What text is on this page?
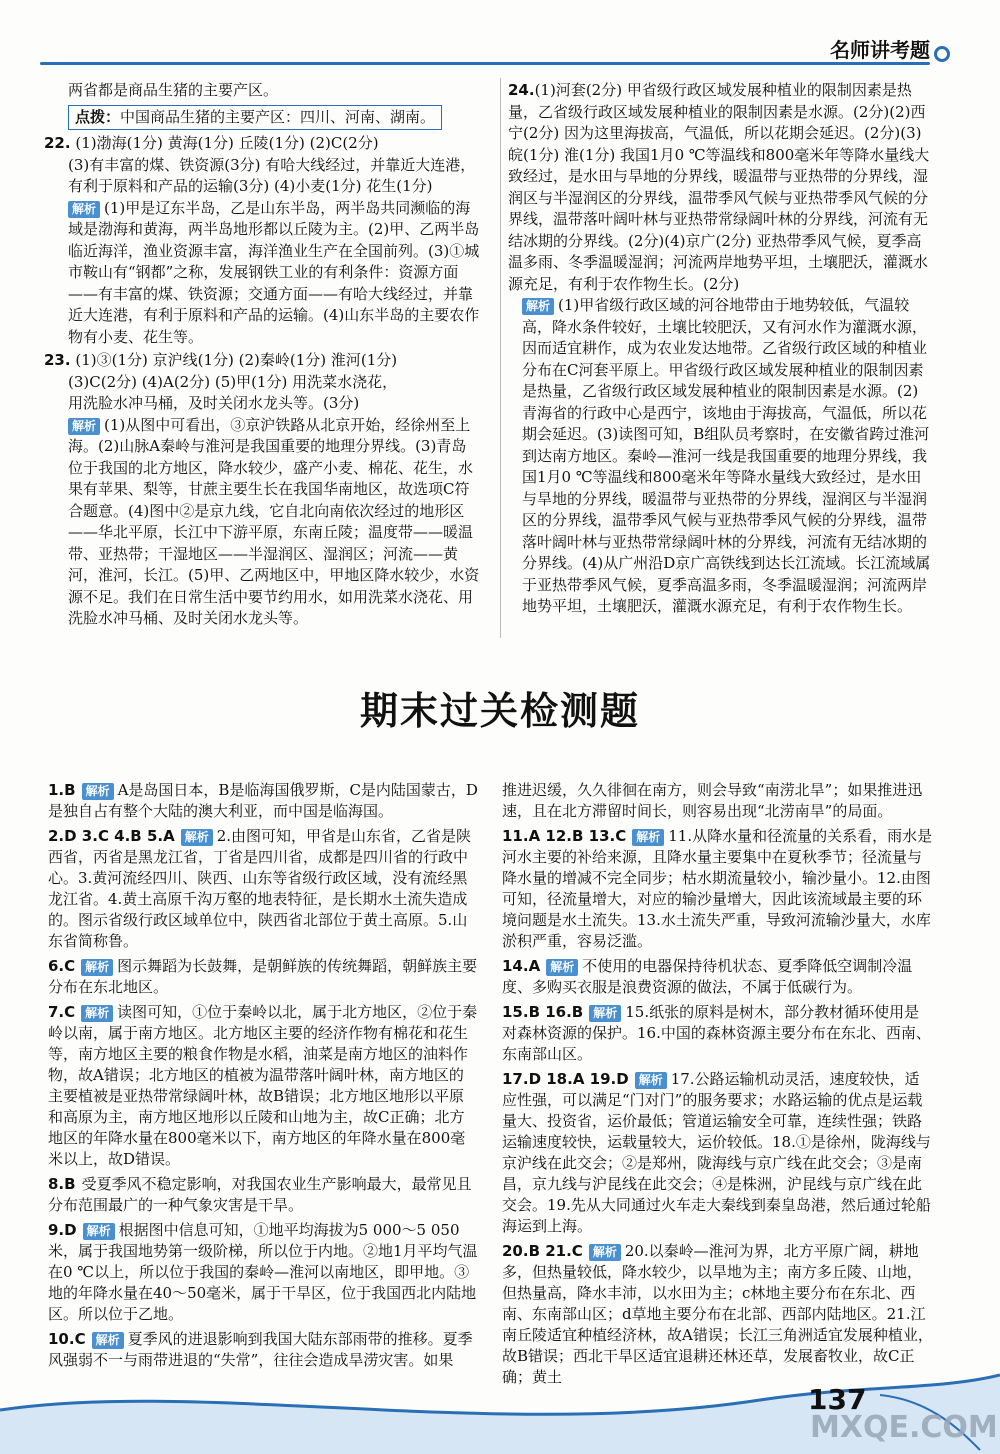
名师讲考题

两省都是商品生猪的主要产区。

点拨：中国商品生猪的主要产区：四川、河南、湖南。
22. (1)渤海(1分) 黄海(1分) 丘陵(1分) (2)C(2分)

(3)有丰富的煤、铁资源(3分) 有哈大线经过，并靠近大连港，

有利于原料和产品的运输(3分) (4)小麦(1分) 花生(1分)

解析 (1)甲是辽东半岛，乙是山东半岛，两半岛共同濒临的海域是渤海和黄海，两半岛地形都以丘陵为主。(2)甲、乙两半岛临近海洋，渔业资源丰富，海洋渔业生产在全国前列。(3)①城市鞍山有“钢都”之称，发展钢铁工业的有利条件：资源方面——有丰富的煤、铁资源；交通方面——有哈大线经过，并靠近大连港，有利于原料和产品的运输。(4)山东半岛的主要农作物有小麦、花生等。

23. (1)③(1分) 京沪线(1分) (2)秦岭(1分) 淮河(1分)

(3)C(2分) (4)A(2分) (5)甲(1分) 用洗菜水浇花，

用洗脸水冲马桶，及时关闭水龙头等。(3分)

解析 (1)从图中可看出，③京沪铁路从北京开始，经徐州至上海。(2)山脉A秦岭与淮河是我国重要的地理分界线。(3)青岛位于我国的北方地区，降水较少，盛产小麦、棉花、花生，水果有苹果、梨等，甘蔗主要生长在我国华南地区，故选项C符合题意。(4)图中②是京九线，它自北向南依次经过的地形区——华北平原，长江中下游平原，东南丘陵；温度带——暖温带、亚热带；干湿地区——半湿润区、湿润区；河流——黄河，淮河，长江。(5)甲、乙两地区中，甲地区降水较少，水资源不足。我们在日常生活中要节约用水，如用洗菜水浇花、用洗脸水冲马桶、及时关闭水龙头等。

24.(1)河套(2分) 甲省级行政区域发展种植业的限制因素是热量，乙省级行政区域发展种植业的限制因素是水源。(2分)(2)西宁(2分) 因为这里海拔高，气温低，所以花期会延迟。(2分)(3)皖(1分) 淮(1分) 我国1月0 ℃等温线和800毫米年等降水量线大致经过，是水田与旱地的分界线，暖温带与亚热带的分界线，湿润区与半湿润区的分界线，温带季风气候与亚热带季风气候的分界线，温带落叶阔叶林与亚热带常绿阔叶林的分界线，河流有无结冰期的分界线。(2分)(4)京广(2分) 亚热带季风气候，夏季高温多雨、冬季温暖湿润；河流两岸地势平坦，土壤肥沃，灌溉水源充足，有利于农作物生长。(2分)

解析 (1)甲省级行政区域的河谷地带由于地势较低，气温较高，降水条件较好，土壤比较肥沃，又有河水作为灌溉水源，因而适宜耕作，成为农业发达地带。乙省级行政区域的种植业分布在C河套平原上。甲省级行政区域发展种植业的限制因素是热量，乙省级行政区域发展种植业的限制因素是水源。(2)青海省的行政中心是西宁，该地由于海拔高，气温低，所以花期会延迟。(3)读图可知，B组队员考察时，在安徽省跨过淮河到达南方地区。秦岭—淮河一线是我国重要的地理分界线，我国1月0 ℃等温线和800毫米年等降水量线大致经过，是水田与旱地的分界线，暖温带与亚热带的分界线，湿润区与半湿润区的分界线，温带季风气候与亚热带季风气候的分界线，温带落叶阔叶林与亚热带常绿阔叶林的分界线，河流有无结冰期的分界线。(4)从广州沿D京广高铁线到达长江流域。长江流域属于亚热带季风气候，夏季高温多雨，冬季温暖湿润；河流两岸地势平坦，土壤肥沃，灌溉水源充足，有利于农作物生长。

期末过关检测题

1.B 解析 A是岛国日本，B是临海国俄罗斯，C是内陆国蒙古，D是独自占有整个大陆的澳大利亚，而中国是临海国。

2.D 3.C 4.B 5.A 解析 2.由图可知，甲省是山东省，乙省是陕西省，丙省是黑龙江省，丁省是四川省，成都是四川省的行政中心。3.黄河流经四川、陕西、山东等省级行政区域，没有流经黑龙江省。4.黄土高原千沟万壑的地表特征，是长期水土流失造成的。图示省级行政区域单位中，陕西省北部位于黄土高原。5.山东省简称鲁。

6.C 解析 图示舞蹈为长鼓舞，是朝鲜族的传统舞蹈，朝鲜族主要分布在东北地区。

7.C 解析 读图可知，①位于秦岭以北，属于北方地区，②位于秦岭以南，属于南方地区。北方地区主要的经济作物有棉花和花生等，南方地区主要的粮食作物是水稻，油菜是南方地区的油料作物，故A错误；北方地区的植被为温带落叶阔叶林，南方地区的主要植被是亚热带常绿阔叶林，故B错误；北方地区地形以平原和高原为主，南方地区地形以丘陵和山地为主，故C正确；北方地区的年降水量在800毫米以下，南方地区的年降水量在800毫米以上，故D错误。

8.B 受夏季风不稳定影响，对我国农业生产影响最大，最常见且分布范围最广的一种气象灾害是干旱。

9.D 解析 根据图中信息可知，①地平均海拔为5 000～5 050米，属于我国地势第一级阶梯，所以位于内地。②地1月平均气温在0 ℃以上，所以位于我国的秦岭—淮河以南地区，即甲地。③地的年降水量在40～50毫米，属于干旱区，位于我国西北内陆地区。所以位于乙地。

10.C 解析 夏季风的进退影响到我国大陆东部雨带的推移。夏季风强弱不一与雨带进退的“失常”，往往会造成旱涝灾害。如果

推进迟缓，久久徘徊在南方，则会导致“南涝北旱”；如果推进迅速，且在北方滞留时间长，则容易出现“北涝南旱”的局面。

11.A 12.B 13.C 解析 11.从降水量和径流量的关系看，雨水是河水主要的补给来源，且降水量主要集中在夏秋季节；径流量与降水量的增减不完全同步；枯水期流量较小，输沙量小。12.由图可知，径流量增大，对应的输沙量增大，因此该流域最主要的环境问题是水土流失。13.水土流失严重，导致河流输沙量大，水库淤积严重，容易泛滥。

14.A 解析 不使用的电器保持待机状态、夏季降低空调制冷温度、多购买衣服是浪费资源的做法，不属于低碳行为。

15.B 16.B 解析 15.纸张的原料是树木，部分教材循环使用是对森林资源的保护。16.中国的森林资源主要分布在东北、西南、东南部山区。

17.D 18.A 19.D 解析 17.公路运输机动灵活，速度较快，适应性强，可以满足“门对门”的服务要求；水路运输的优点是运载量大、投资省，运价最低；管道运输安全可靠，连续性强；铁路运输速度较快，运载量较大，运价较低。18.①是徐州，陇海线与京沪线在此交会；②是郑州，陇海线与京广线在此交会；③是南昌，京九线与沪昆线在此交会；④是株洲，沪昆线与京广线在此交会。19.先从大同通过火车走大秦线到秦皇岛港，然后通过轮船海运到上海。

20.B 21.C 解析 20.以秦岭—淮河为界，北方平原广阔，耕地多，但热量较低，降水较少，以旱地为主；南方多丘陵、山地，但热量高，降水丰沛，以水田为主；c林地主要分布在东北、西南、东南部山区；d草地主要分布在北部、西部内陆地区。21.江南丘陵适宜种植经济林，故A错误；长江三角洲适宜发展种植业，故B错误；西北干旱区适宜退耕还林还草，发展畜牧业，故C正确；黄土

137
MXQE.COM
